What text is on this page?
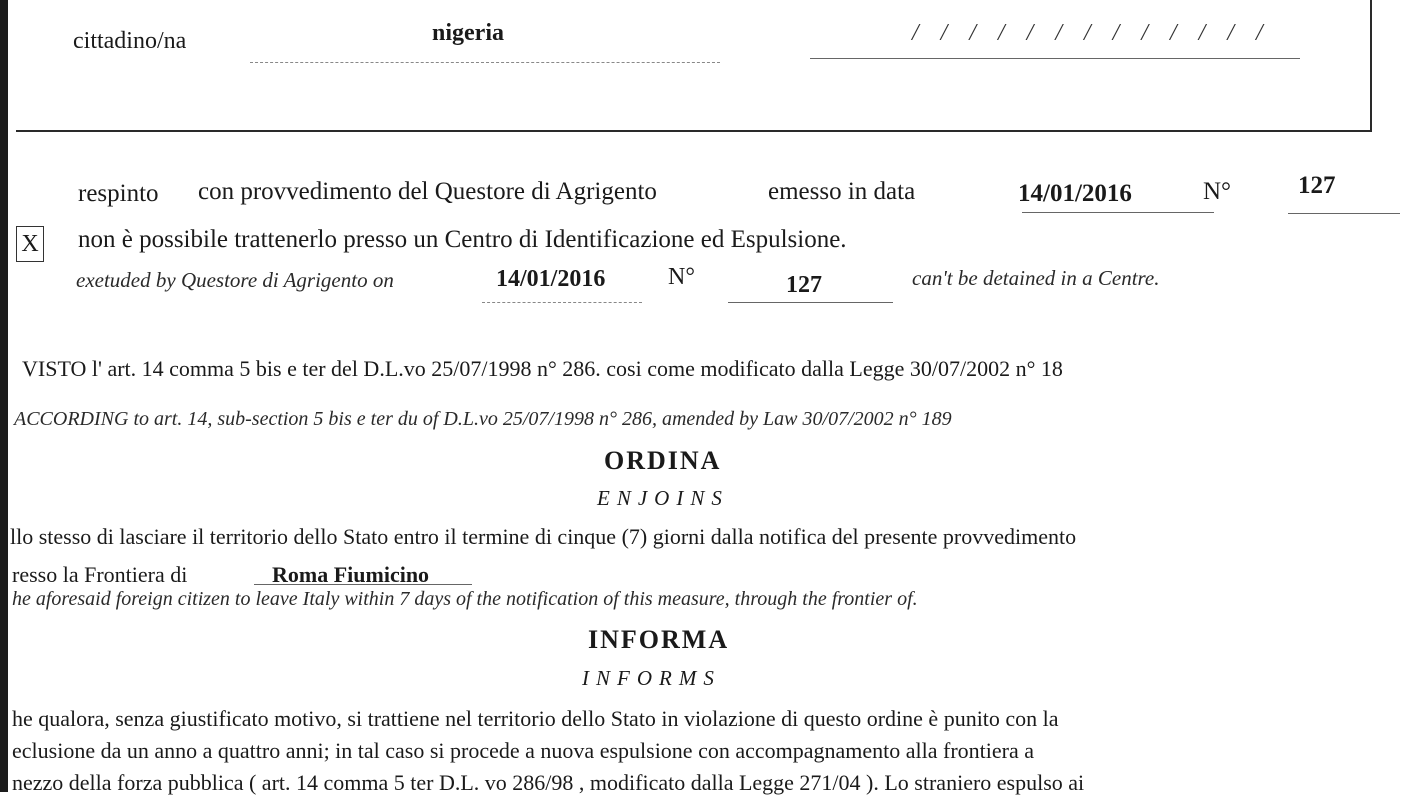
cittadino/na	nigeria	/ / / / / / / / / / / / /
respinto con provvedimento del Questore di Agrigento	emesso in data	14/01/2016	N°	127
X non è possibile trattenerlo presso un Centro di Identificazione ed Espulsione.
exetuded by Questore di Agrigento on	14/01/2016	N°	127	can't be detained in a Centre.
VISTO l' art. 14 comma 5 bis e ter del D.L.vo 25/07/1998 n° 286. cosi come modificato dalla Legge 30/07/2002 n° 18
ACCORDING to art. 14, sub-section 5 bis e ter du of D.L.vo 25/07/1998 n° 286, amended by Law 30/07/2002 n° 189
ORDINA
ENJOINS
llo stesso di lasciare il territorio dello Stato entro il termine di cinque (7) giorni dalla notifica del presente provvedimento
resso la Frontiera di	Roma Fiumicino
he aforesaid foreign citizen to leave Italy within 7 days of the notification of this measure, through the frontier of.
INFORMA
INFORMS
he qualora, senza giustificato motivo, si trattiene nel territorio dello Stato in violazione di questo ordine è punito con la
eclusione da un anno a quattro anni; in tal caso si procede a nuova espulsione con accompagnamento alla frontiera a
nezzo della forza pubblica ( art. 14 comma 5 ter D.L. vo 286/98 , modificato dalla Legge 271/04 ). Lo straniero espulso ai
